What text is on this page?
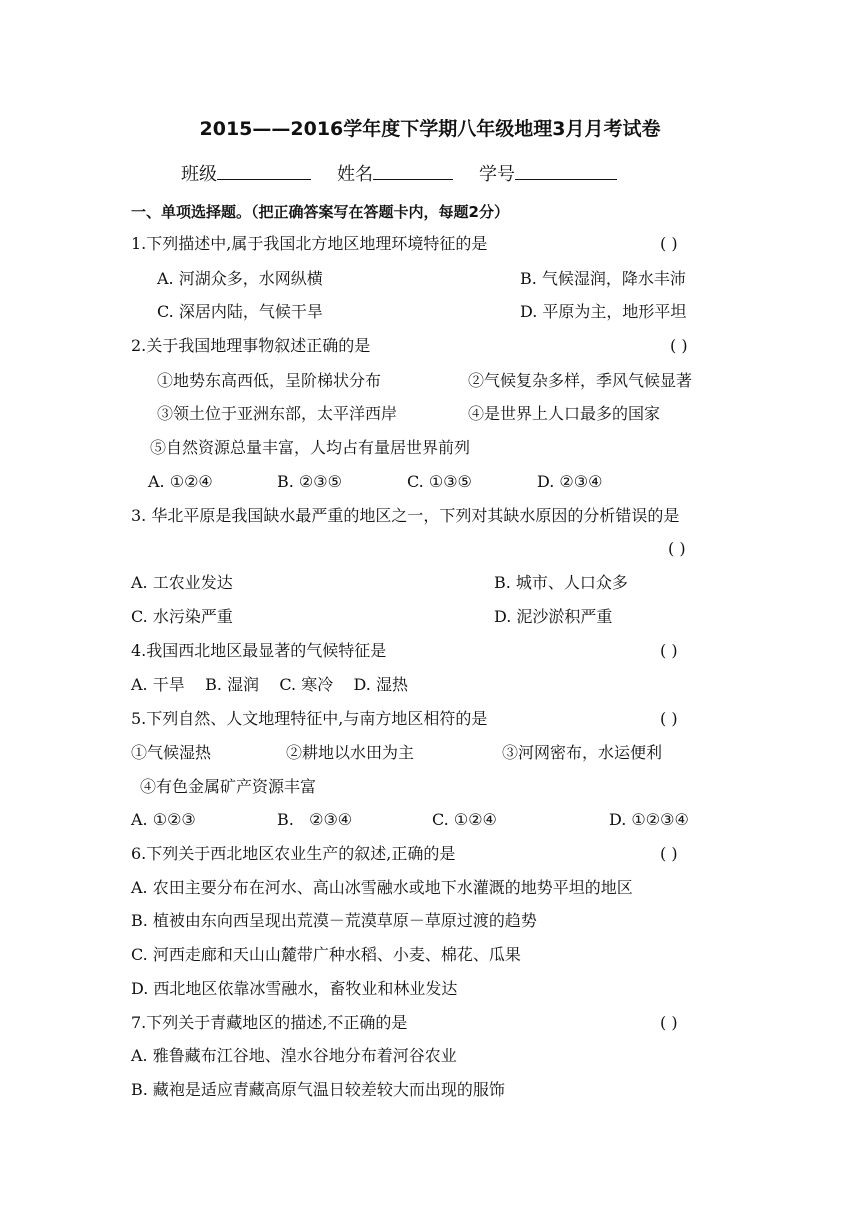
2015——2016学年度下学期八年级地理3月月考试卷
班级	姓名	学号
一、单项选择题。（把正确答案写在答题卡内，每题2分）
1.下列描述中,属于我国北方地区地理环境特征的是	( )
A. 河湖众多，水网纵横	B. 气候湿润，降水丰沛
C. 深居内陆，气候干旱	D. 平原为主，地形平坦
2.关于我国地理事物叙述正确的是	( )
①地势东高西低，呈阶梯状分布	②气候复杂多样，季风气候显著
③领土位于亚洲东部，太平洋西岸	④是世界上人口最多的国家
⑤自然资源总量丰富，人均占有量居世界前列
A. ①②④	B. ②③⑤	C. ①③⑤	D. ②③④
3. 华北平原是我国缺水最严重的地区之一，下列对其缺水原因的分析错误的是
( )
A. 工农业发达	B. 城市、人口众多
C. 水污染严重	D. 泥沙淤积严重
4.我国西北地区最显著的气候特征是	( )
A. 干旱    B. 湿润    C. 寒冷    D. 湿热
5.下列自然、人文地理特征中,与南方地区相符的是	( )
①气候湿热	②耕地以水田为主	③河网密布，水运便利
④有色金属矿产资源丰富
A. ①②③	B.   ②③④	C. ①②④	D. ①②③④
6.下列关于西北地区农业生产的叙述,正确的是	( )
A. 农田主要分布在河水、高山冰雪融水或地下水灌溉的地势平坦的地区
B. 植被由东向西呈现出荒漠－荒漠草原－草原过渡的趋势
C. 河西走廊和天山山麓带广种水稻、小麦、棉花、瓜果
D. 西北地区依靠冰雪融水，畜牧业和林业发达
7.下列关于青藏地区的描述,不正确的是	( )
A. 雅鲁藏布江谷地、湟水谷地分布着河谷农业
B. 藏袍是适应青藏高原气温日较差较大而出现的服饰
